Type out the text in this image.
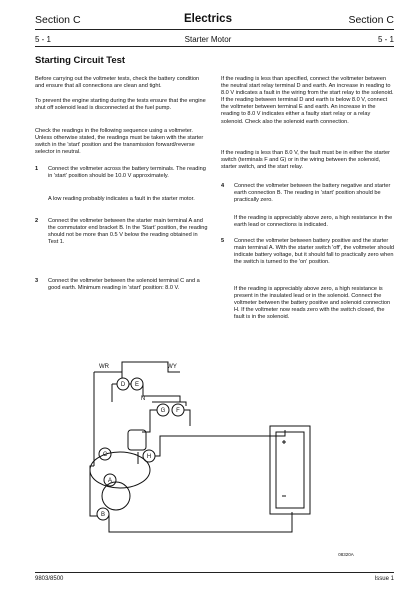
Section C	Electrics	Section C
5 - 1	Starter Motor	5 - 1
Starting Circuit Test

Before carrying out the voltmeter tests, check the battery condition and ensure that all connections are clean and tight.

To prevent the engine starting during the tests ensure that the engine shut off solenoid lead is disconnected at the fuel pump.

Check the readings in the following sequence using a voltmeter. Unless otherwise stated, the readings must be taken with the starter switch in the 'start' position and the transmission forward/reverse selector in neutral.

1 Connect the voltmeter across the battery terminals. The reading in 'start' position should be 10.0 V approximately.

A low reading probably indicates a fault in the starter motor.

2 Connect the voltmeter between the starter main terminal A and the commutator end bracket B. In the 'Start' position, the reading should not be more than 0.5 V below the reading obtained in Test 1.

3 Connect the voltmeter between the solenoid terminal C and a good earth. Minimum reading in 'start' position: 8.0 V.

If the reading is less than specified, connect the voltmeter between the neutral start relay terminal D and earth. An increase in reading to 8.0 V indicates a fault in the wiring from the start relay to the solenoid. If the reading between terminal D and earth is below 8.0 V, connect the voltmeter between terminal E and earth. An increase in the reading to 8.0 V indicates either a faulty start relay or a relay solenoid. Check also the solenoid earth connection.

If the reading is less than 8.0 V, the fault must be in either the starter switch (terminals F and G) or in the wiring between the solenoid, starter switch, and the start relay.

4 Connect the voltmeter between the battery negative and starter earth connection B. The reading in 'start' position should be practically zero.

If the reading is appreciably above zero, a high resistance in the earth lead or connections is indicated.

5 Connect the voltmeter between battery positive and the starter main terminal A. With the starter switch 'off', the voltmeter should indicate battery voltage, but it should fall to practically zero when the switch is turned to the 'on' position.

If the reading is appreciably above zero, a high resistance is present in the insulated lead or in the solenoid. Connect the voltmeter between the battery positive and solenoid connection H. If the voltmeter now reads zero with the switch closed, the fault is in the solenoid.

WR	WY
N
D E
G F
H
C
A
B
08320A
9803/8500	Issue 1
